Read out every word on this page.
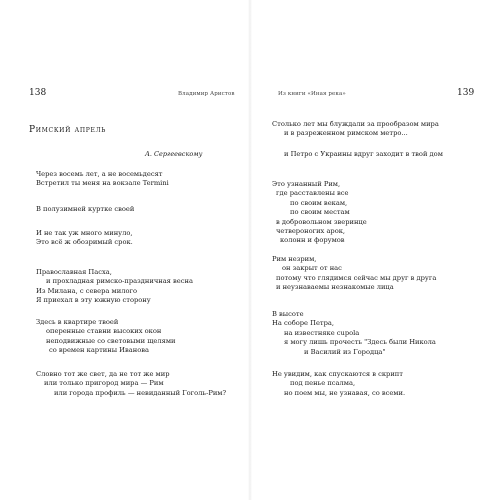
138	Владимир Аристов
Римский апрель
А. Сергеевскому
Через восемь лет, а не восемьдесят
Встретил ты меня на вокзале Termini
В полузимней куртке своей
И не так уж много минуло,
Это всё ж обозримый срок.
Православная Пасха,
и прохладная римско-праздничная весна
Из Милана, с севера милого
Я приехал в эту южную сторону
Здесь в квартире твоей
оперенные ставни высоких окон
неподвижные со световыми щелями
со времен картины Иванова
Словно тот же свет, да не тот же мир
или только пригород мира — Рим
или города профиль — невиданный Гоголь-Рим?
Из книги «Иная река»	139
Столько лет мы блуждали за прообразом мира
и в разреженном римском метро...
и Петро с Украины вдруг заходит в твой дом
Это узнанный Рим,
где расставлены все
по своим векам,
по своим местам
в добровольном зверинце
четвероногих арок,
колонн и форумов
Рим незрим,
он закрыт от нас
потому что глядимся сейчас мы друг в друга
и неузнаваемы незнакомые лица
В высоте
На соборе Петра,
на известняке cupola
я могу лишь прочесть "Здесь были Никола
и Василий из Городца"
Не увидим, как спускаются в скрипт
под пенье псалма,
но поем мы, не узнавая, со всеми.
